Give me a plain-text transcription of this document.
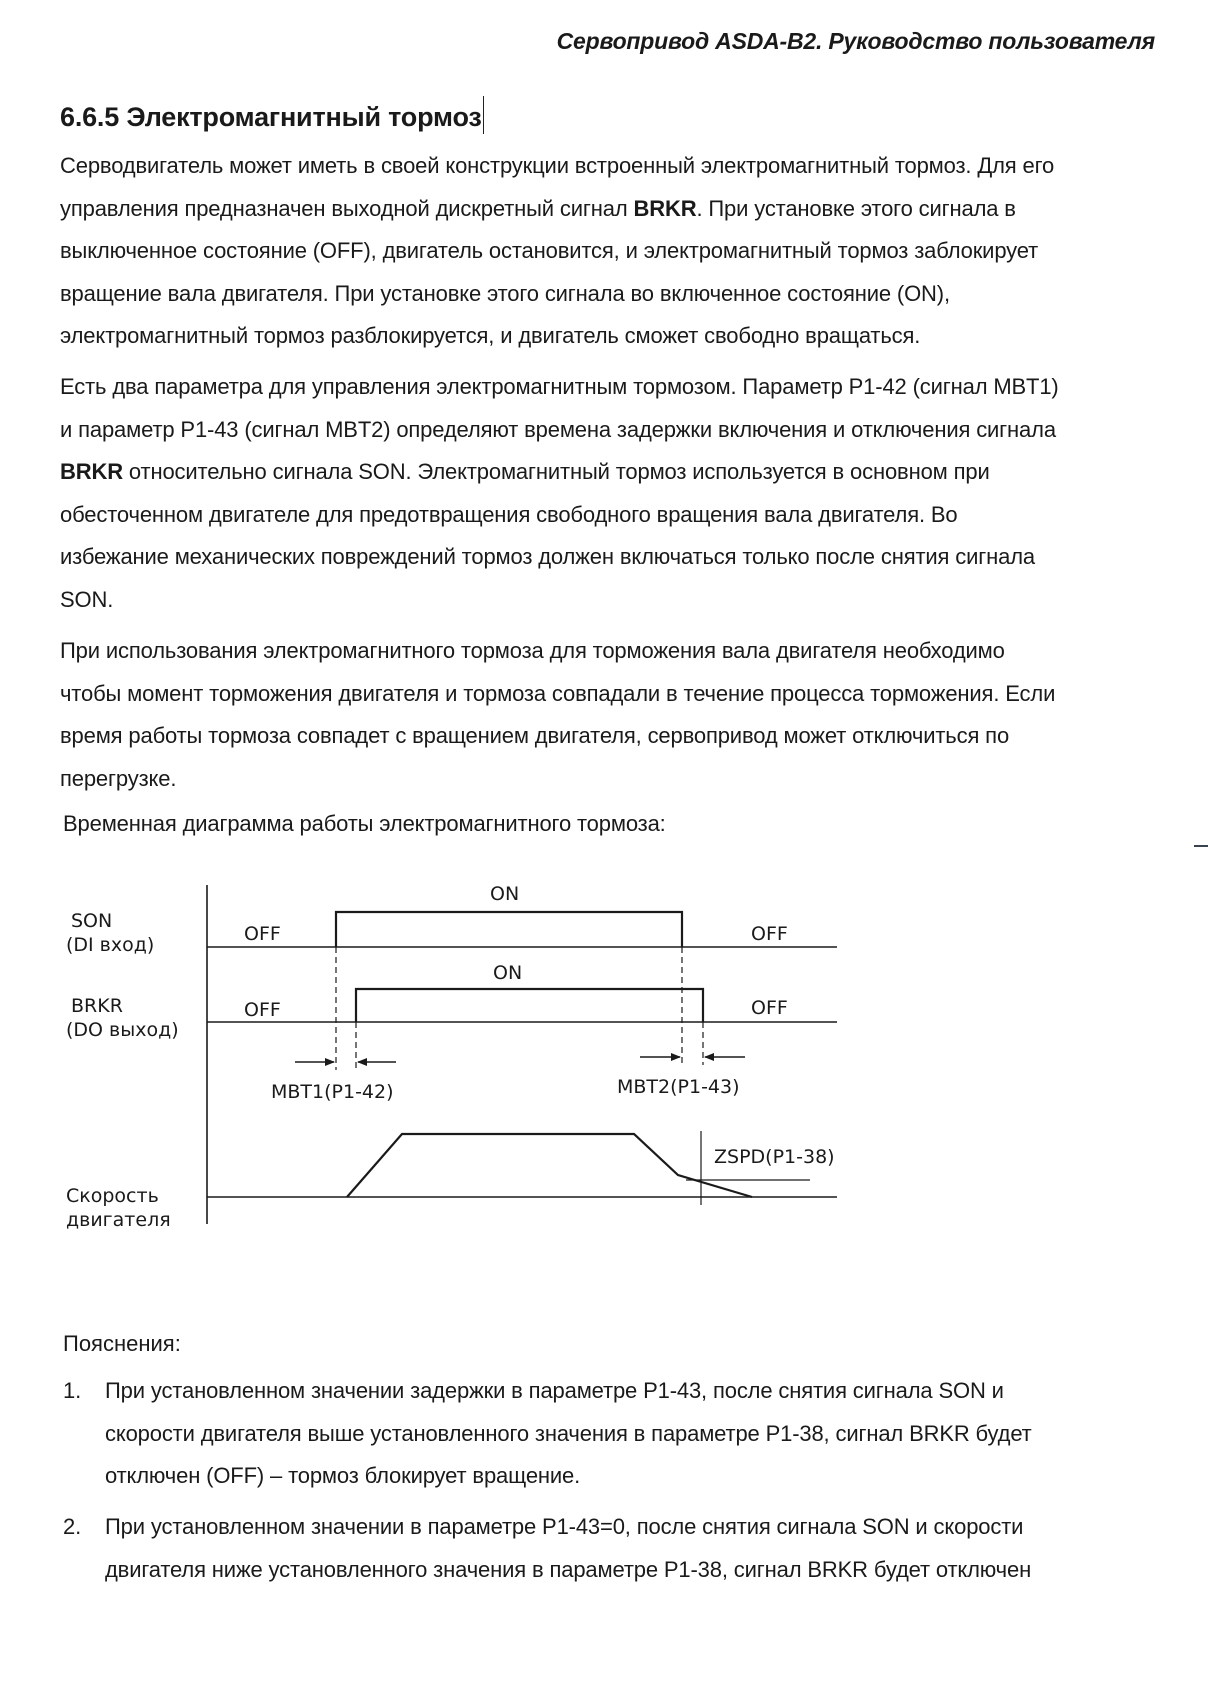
Сервопривод ASDA-B2. Руководство пользователя
6.6.5 Электромагнитный тормоз
Серводвигатель может иметь в своей конструкции встроенный электромагнитный тормоз. Для его
управления предназначен выходной дискретный сигнал BRKR. При установке этого сигнала в
выключенное состояние (OFF), двигатель остановится, и электромагнитный тормоз заблокирует
вращение вала двигателя. При установке этого сигнала во включенное состояние (ON),
электромагнитный тормоз разблокируется, и двигатель сможет свободно вращаться.
Есть два параметра для управления электромагнитным тормозом. Параметр P1-42 (сигнал MBT1)
и параметр P1-43 (сигнал MBT2) определяют времена задержки включения и отключения сигнала
BRKR относительно сигнала SON. Электромагнитный тормоз используется в основном при
обесточенном двигателе для предотвращения свободного вращения вала двигателя. Во
избежание механических повреждений тормоз должен включаться только после снятия сигнала
SON.
При использования электромагнитного тормоза для торможения вала двигателя необходимо
чтобы момент торможения двигателя и тормоза совпадали в течение процесса торможения. Если
время работы тормоза совпадет с вращением двигателя, сервопривод может отключиться по
перегрузке.
Временная диаграмма работы электромагнитного тормоза:
SON
(DI вход)	OFF
ON
OFF
BRKR
(DO выход)
OFF
ON
OFF
MBT1(P1-42)	MBT2(P1-43)
Скорость
двигателя
ZSPD(P1-38)
Пояснения:
1. При установленном значении задержки в параметре P1-43, после снятия сигнала SON и
скорости двигателя выше установленного значения в параметре P1-38, сигнал BRKR будет
отключен (OFF) – тормоз блокирует вращение.
2. При установленном значении в параметре P1-43=0, после снятия сигнала SON и скорости
двигателя ниже установленного значения в параметре P1-38, сигнал BRKR будет отключен
